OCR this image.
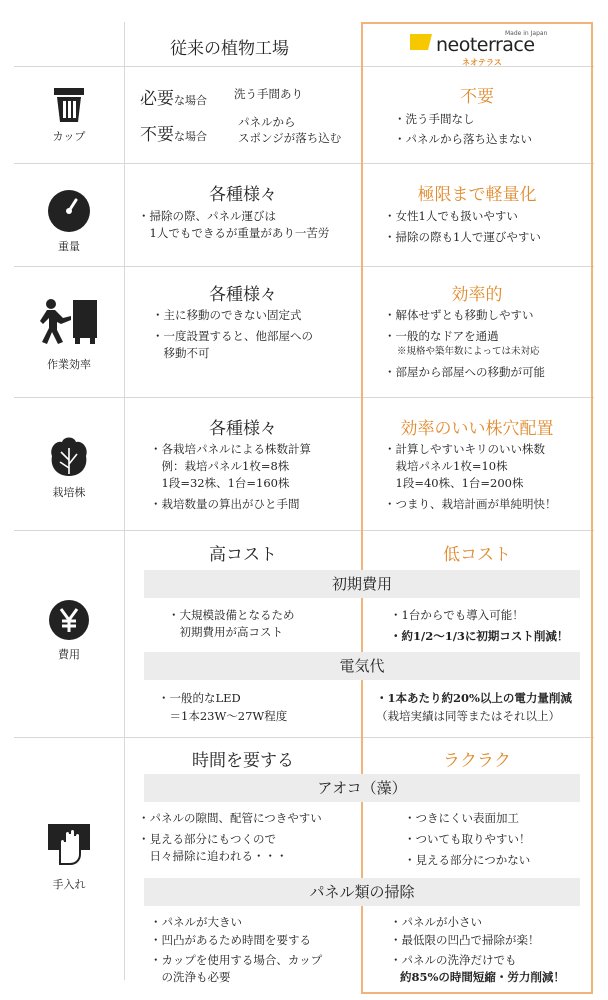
従来の植物工場
Made in Japan
neoterrace
ネオテラス
カップ
必要な場合 洗う手間あり
不要な場合
パネルから
スポンジが落ち込む
不要
・洗う手間なし
・パネルから落ち込まない
重量
各種様々
・掃除の際、パネル運びは
　1人でもできるが重量があり一苦労
極限まで軽量化
・女性1人でも扱いやすい
・掃除の際も1人で運びやすい
作業効率
各種様々
・主に移動のできない固定式
・一度設置すると、他部屋への
　移動不可
効率的
・解体せずとも移動しやすい
・一般的なドアを通過
※規格や築年数によっては未対応
・部屋から部屋への移動が可能
栽培株
各種様々
・各栽培パネルによる株数計算
　例：栽培パネル1枚=8株
　1段=32株、1台=160株
・栽培数量の算出がひと手間
効率のいい株穴配置
・計算しやすいキリのいい株数
　栽培パネル1枚=10株
　1段=40株、1台=200株
・つまり、栽培計画が単純明快！
費用
高コスト	低コスト
初期費用
・大規模設備となるため
　初期費用が高コスト
・1台からでも導入可能！
・約1/2〜1/3に初期コスト削減！
電気代
・一般的なLED
　＝1本23W〜27W程度
・1本あたり約20%以上の電力量削減
（栽培実績は同等またはそれ以上）
手入れ
時間を要する	ラクラク
アオコ（藻）
・パネルの隙間、配管につきやすい
・見える部分にもつくので
　日々掃除に追われる・・・
・つきにくい表面加工
・ついても取りやすい！
・見える部分につかない
パネル類の掃除
・パネルが大きい
・凹凸があるため時間を要する
・カップを使用する場合、カップ
　の洗浄も必要
・パネルが小さい
・最低限の凹凸で掃除が楽！
・パネルの洗浄だけでも
約85%の時間短縮・労力削減！
